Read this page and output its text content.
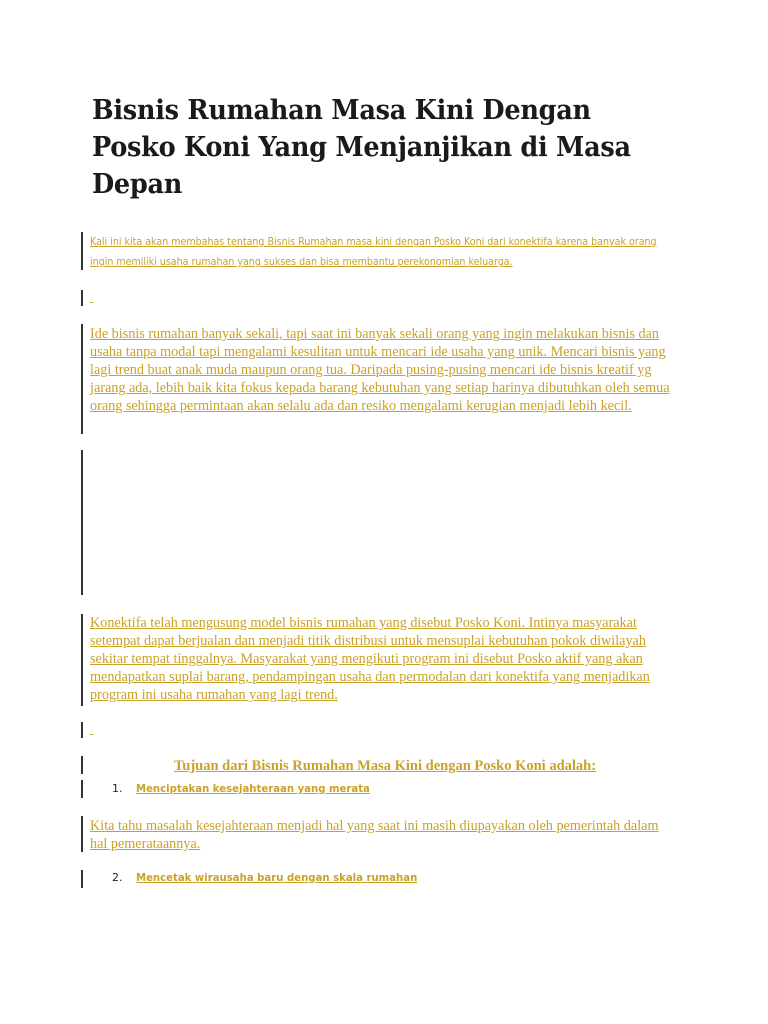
Bisnis Rumahan Masa Kini Dengan Posko Koni Yang Menjanjikan di Masa Depan

Kali ini kita akan membahas tentang Bisnis Rumahan masa kini dengan Posko Koni dari konektifa karena banyak orang ingin memiliki usaha rumahan yang sukses dan bisa membantu perekonomian keluarga.

Ide bisnis rumahan banyak sekali, tapi saat ini banyak sekali orang yang ingin melakukan bisnis dan usaha tanpa modal tapi mengalami kesulitan untuk mencari ide usaha yang unik. Mencari bisnis yang lagi trend buat anak muda maupun orang tua. Daripada pusing-pusing mencari ide bisnis kreatif yg jarang ada, lebih baik kita fokus kepada barang kebutuhan yang setiap harinya dibutuhkan oleh semua orang sehingga permintaan akan selalu ada dan resiko mengalami kerugian menjadi lebih kecil.

Konektifa telah mengusung model bisnis rumahan yang disebut Posko Koni. Intinya masyarakat setempat dapat berjualan dan menjadi titik distribusi untuk mensuplai kebutuhan pokok diwilayah sekitar tempat tinggalnya. Masyarakat yang mengikuti program ini disebut Posko aktif yang akan mendapatkan suplai barang, pendampingan usaha dan permodalan dari konektifa yang menjadikan program ini usaha rumahan yang lagi trend.

Tujuan dari Bisnis Rumahan Masa Kini dengan Posko Koni adalah:

1. Menciptakan kesejahteraan yang merata

Kita tahu masalah kesejahteraan menjadi hal yang saat ini masih diupayakan oleh pemerintah dalam hal pemerataannya.

2. Mencetak wirausaha baru dengan skala rumahan
